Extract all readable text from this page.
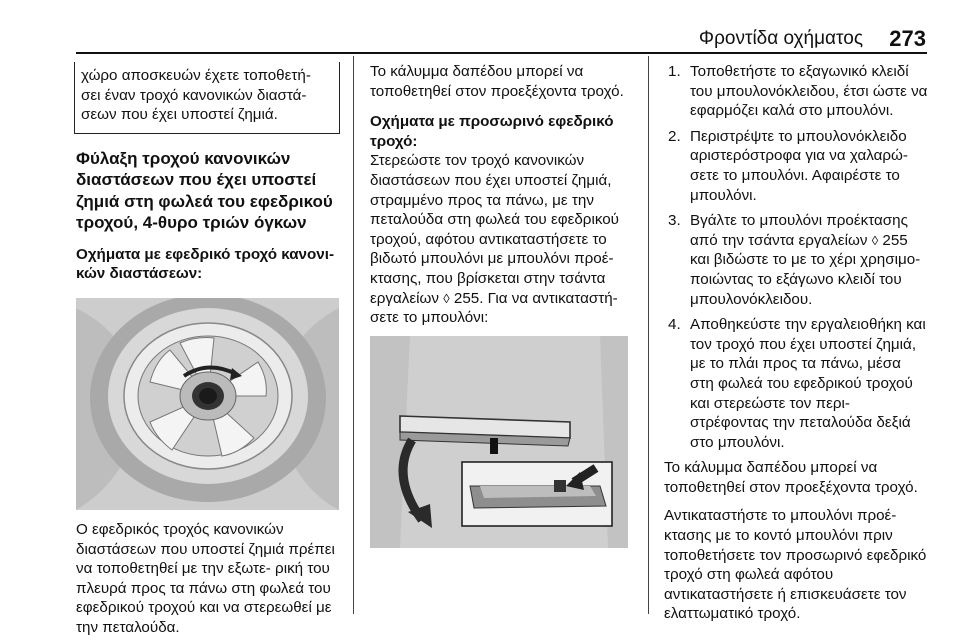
Φροντίδα οχήματος 273
χώρο αποσκευών έχετε τοποθετή- σει έναν τροχό κανονικών διαστά- σεων που έχει υποστεί ζημιά.
Φύλαξη τροχού κανονικών διαστάσεων που έχει υποστεί ζημιά στη φωλεά του εφεδρικού τροχού, 4-θυρο τριών όγκων
Οχήματα με εφεδρικό τροχό κανονι- κών διαστάσεων:
Ο εφεδρικός τροχός κανονικών διαστάσεων που υποστεί ζημιά πρέπει να τοποθετηθεί με την εξωτε- ρική του πλευρά προς τα πάνω στη φωλεά του εφεδρικού τροχού και να στερεωθεί με την πεταλούδα.
Το κάλυμμα δαπέδου μπορεί να τοποθετηθεί στον προεξέχοντα τροχό.
Οχήματα με προσωρινό εφεδρικό τροχό:
Στερεώστε τον τροχό κανονικών διαστάσεων που έχει υποστεί ζημιά, στραμμένο προς τα πάνω, με την πεταλούδα στη φωλεά του εφεδρικού τροχού, αφότου αντικαταστήσετε το βιδωτό μπουλόνι με μπουλόνι προέ- κτασης, που βρίσκεται στην τσάντα εργαλείων ◊ 255. Για να αντικαταστή- σετε το μπουλόνι:
1. Τοποθετήστε το εξαγωνικό κλειδί του μπουλονόκλειδου, έτσι ώστε να εφαρμόζει καλά στο μπουλόνι.
2. Περιστρέψτε το μπουλονόκλειδο αριστερόστροφα για να χαλαρώ- σετε το μπουλόνι. Αφαιρέστε το μπουλόνι.
3. Βγάλτε το μπουλόνι προέκτασης από την τσάντα εργαλείων ◊ 255 και βιδώστε το με το χέρι χρησιμο- ποιώντας το εξάγωνο κλειδί του μπουλονόκλειδου.
4. Αποθηκεύστε την εργαλειοθήκη και τον τροχό που έχει υποστεί ζημιά, με το πλάι προς τα πάνω, μέσα στη φωλεά του εφεδρικού τροχού και στερεώστε τον περι- στρέφοντας την πεταλούδα δεξιά στο μπουλόνι.
Το κάλυμμα δαπέδου μπορεί να τοποθετηθεί στον προεξέχοντα τροχό.
Αντικαταστήστε το μπουλόνι προέ- κτασης με το κοντό μπουλόνι πριν τοποθετήσετε τον προσωρινό εφεδρικό τροχό στη φωλεά αφότου αντικαταστήσετε ή επισκευάσετε τον ελαττωματικό τροχό.
